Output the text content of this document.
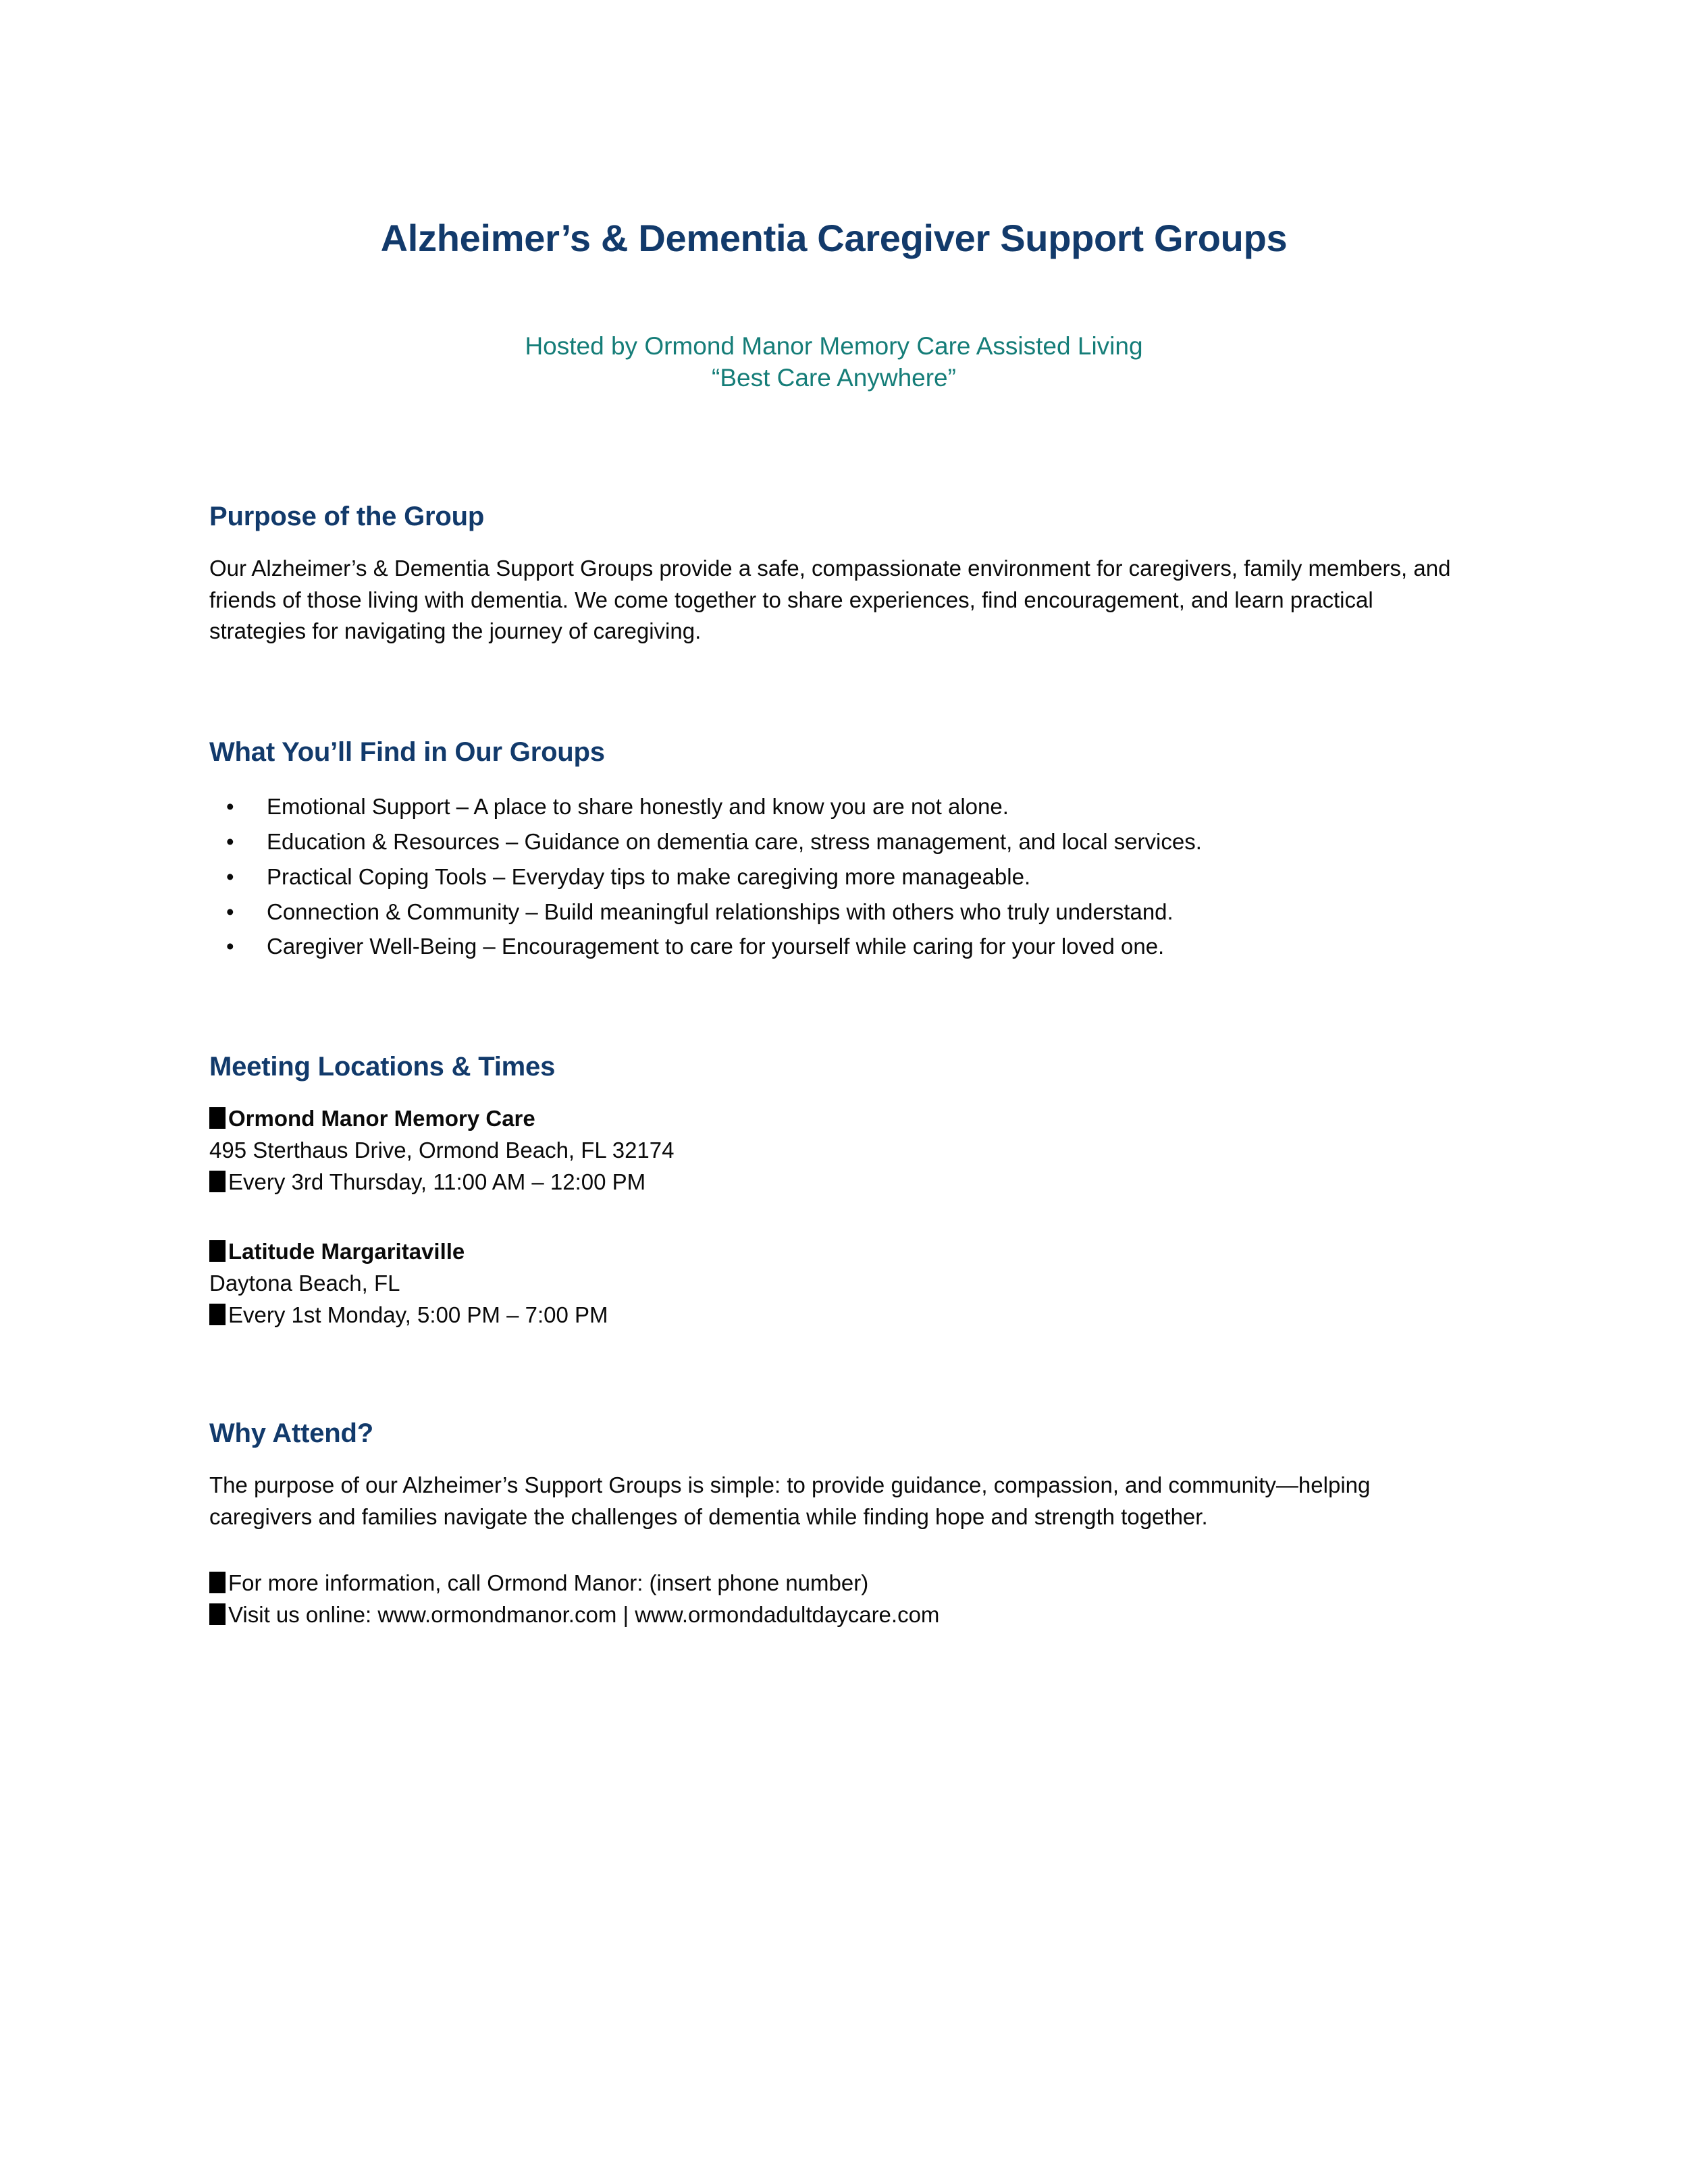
Alzheimer’s & Dementia Caregiver Support Groups
Hosted by Ormond Manor Memory Care Assisted Living
“Best Care Anywhere”
Purpose of the Group

Our Alzheimer’s & Dementia Support Groups provide a safe, compassionate environment for caregivers, family members, and friends of those living with dementia. We come together to share experiences, find encouragement, and learn practical strategies for navigating the journey of caregiving.

What You’ll Find in Our Groups
• Emotional Support – A place to share honestly and know you are not alone.
• Education & Resources – Guidance on dementia care, stress management, and local services.
• Practical Coping Tools – Everyday tips to make caregiving more manageable.
• Connection & Community – Build meaningful relationships with others who truly understand.
• Caregiver Well-Being – Encouragement to care for yourself while caring for your loved one.
Meeting Locations & Times
Ormond Manor Memory Care
495 Sterthaus Drive, Ormond Beach, FL 32174
Every 3rd Thursday, 11:00 AM – 12:00 PM
Latitude Margaritaville
Daytona Beach, FL
Every 1st Monday, 5:00 PM – 7:00 PM
Why Attend?

The purpose of our Alzheimer’s Support Groups is simple: to provide guidance, compassion, and community—helping caregivers and families navigate the challenges of dementia while finding hope and strength together.

For more information, call Ormond Manor: (insert phone number)
Visit us online: www.ormondmanor.com | www.ormondadultdaycare.com
